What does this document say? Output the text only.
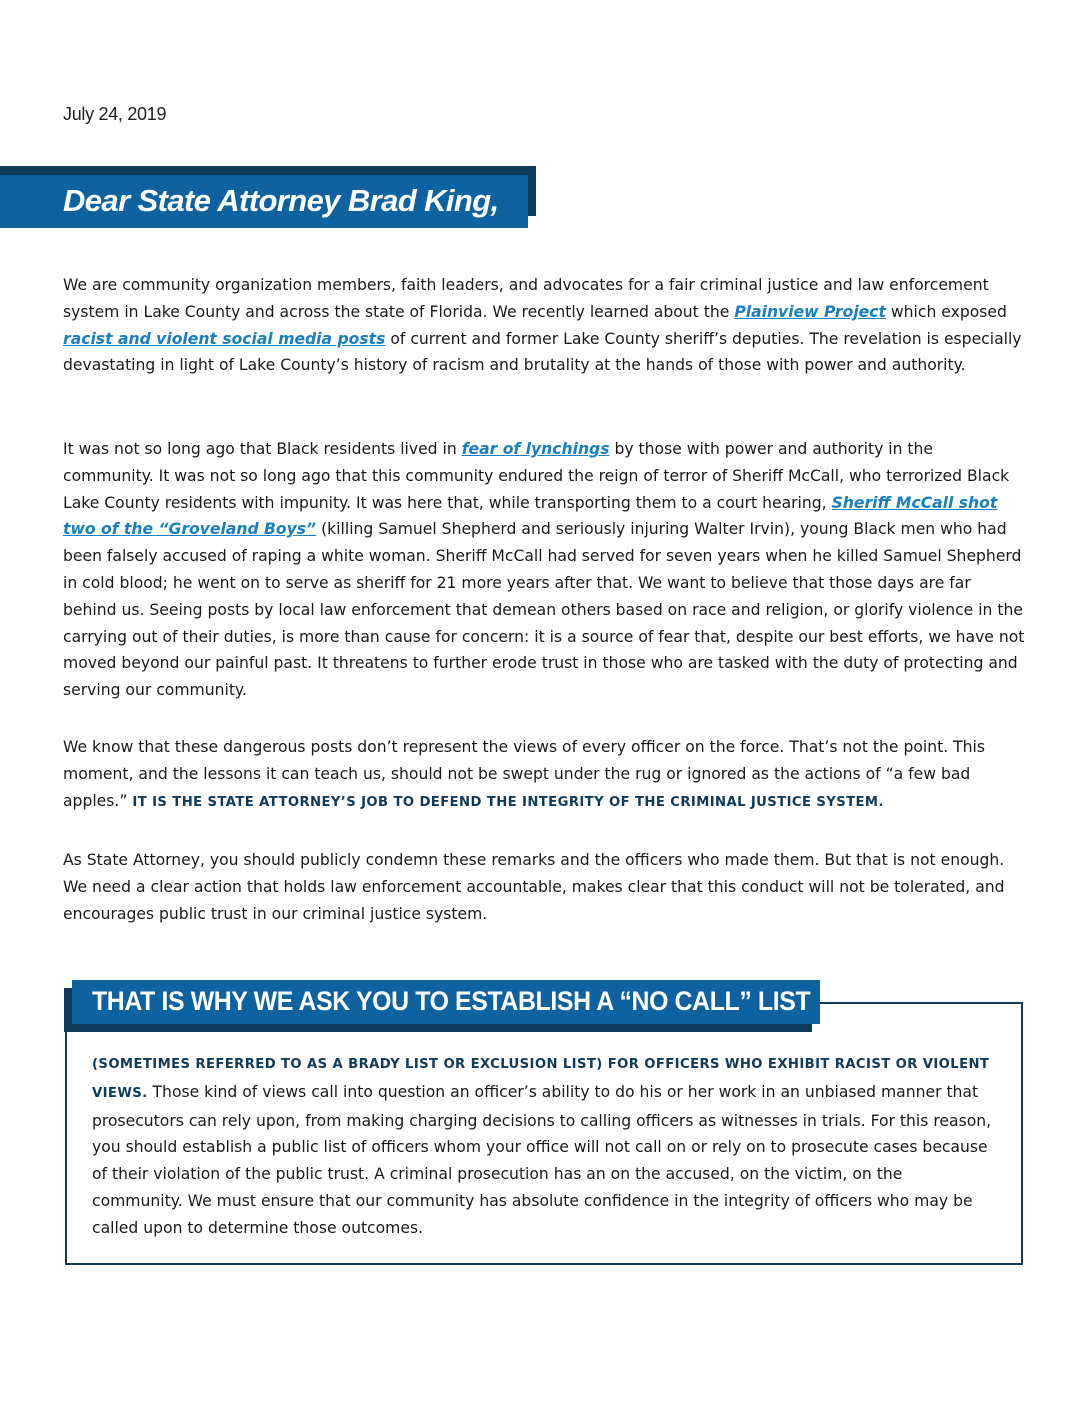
July 24, 2019
Dear State Attorney Brad King,

We are community organization members, faith leaders, and advocates for a fair criminal justice and law enforcement system in Lake County and across the state of Florida. We recently learned about the Plainview Project which exposed racist and violent social media posts of current and former Lake County sheriff’s deputies. The revelation is especially devastating in light of Lake County’s history of racism and brutality at the hands of those with power and authority.

It was not so long ago that Black residents lived in fear of lynchings by those with power and authority in the community. It was not so long ago that this community endured the reign of terror of Sheriff McCall, who terrorized Black Lake County residents with impunity. It was here that, while transporting them to a court hearing, Sheriff McCall shot two of the “Groveland Boys” (killing Samuel Shepherd and seriously injuring Walter Irvin), young Black men who had been falsely accused of raping a white woman. Sheriff McCall had served for seven years when he killed Samuel Shepherd in cold blood; he went on to serve as sheriff for 21 more years after that. We want to believe that those days are far behind us. Seeing posts by local law enforcement that demean others based on race and religion, or glorify violence in the carrying out of their duties, is more than cause for concern: it is a source of fear that, despite our best efforts, we have not moved beyond our painful past. It threatens to further erode trust in those who are tasked with the duty of protecting and serving our community.

We know that these dangerous posts don’t represent the views of every officer on the force. That’s not the point. This moment, and the lessons it can teach us, should not be swept under the rug or ignored as the actions of “a few bad apples.” IT IS THE STATE ATTORNEY’S JOB TO DEFEND THE INTEGRITY OF THE CRIMINAL JUSTICE SYSTEM.

As State Attorney, you should publicly condemn these remarks and the officers who made them. But that is not enough. We need a clear action that holds law enforcement accountable, makes clear that this conduct will not be tolerated, and encourages public trust in our criminal justice system.

THAT IS WHY WE ASK YOU TO ESTABLISH A “NO CALL” LIST

(SOMETIMES REFERRED TO AS A BRADY LIST OR EXCLUSION LIST) FOR OFFICERS WHO EXHIBIT RACIST OR VIOLENT VIEWS. Those kind of views call into question an officer’s ability to do his or her work in an unbiased manner that prosecutors can rely upon, from making charging decisions to calling officers as witnesses in trials. For this reason, you should establish a public list of officers whom your office will not call on or rely on to prosecute cases because of their violation of the public trust. A criminal prosecution has an on the accused, on the victim, on the community. We must ensure that our community has absolute confidence in the integrity of officers who may be called upon to determine those outcomes.
